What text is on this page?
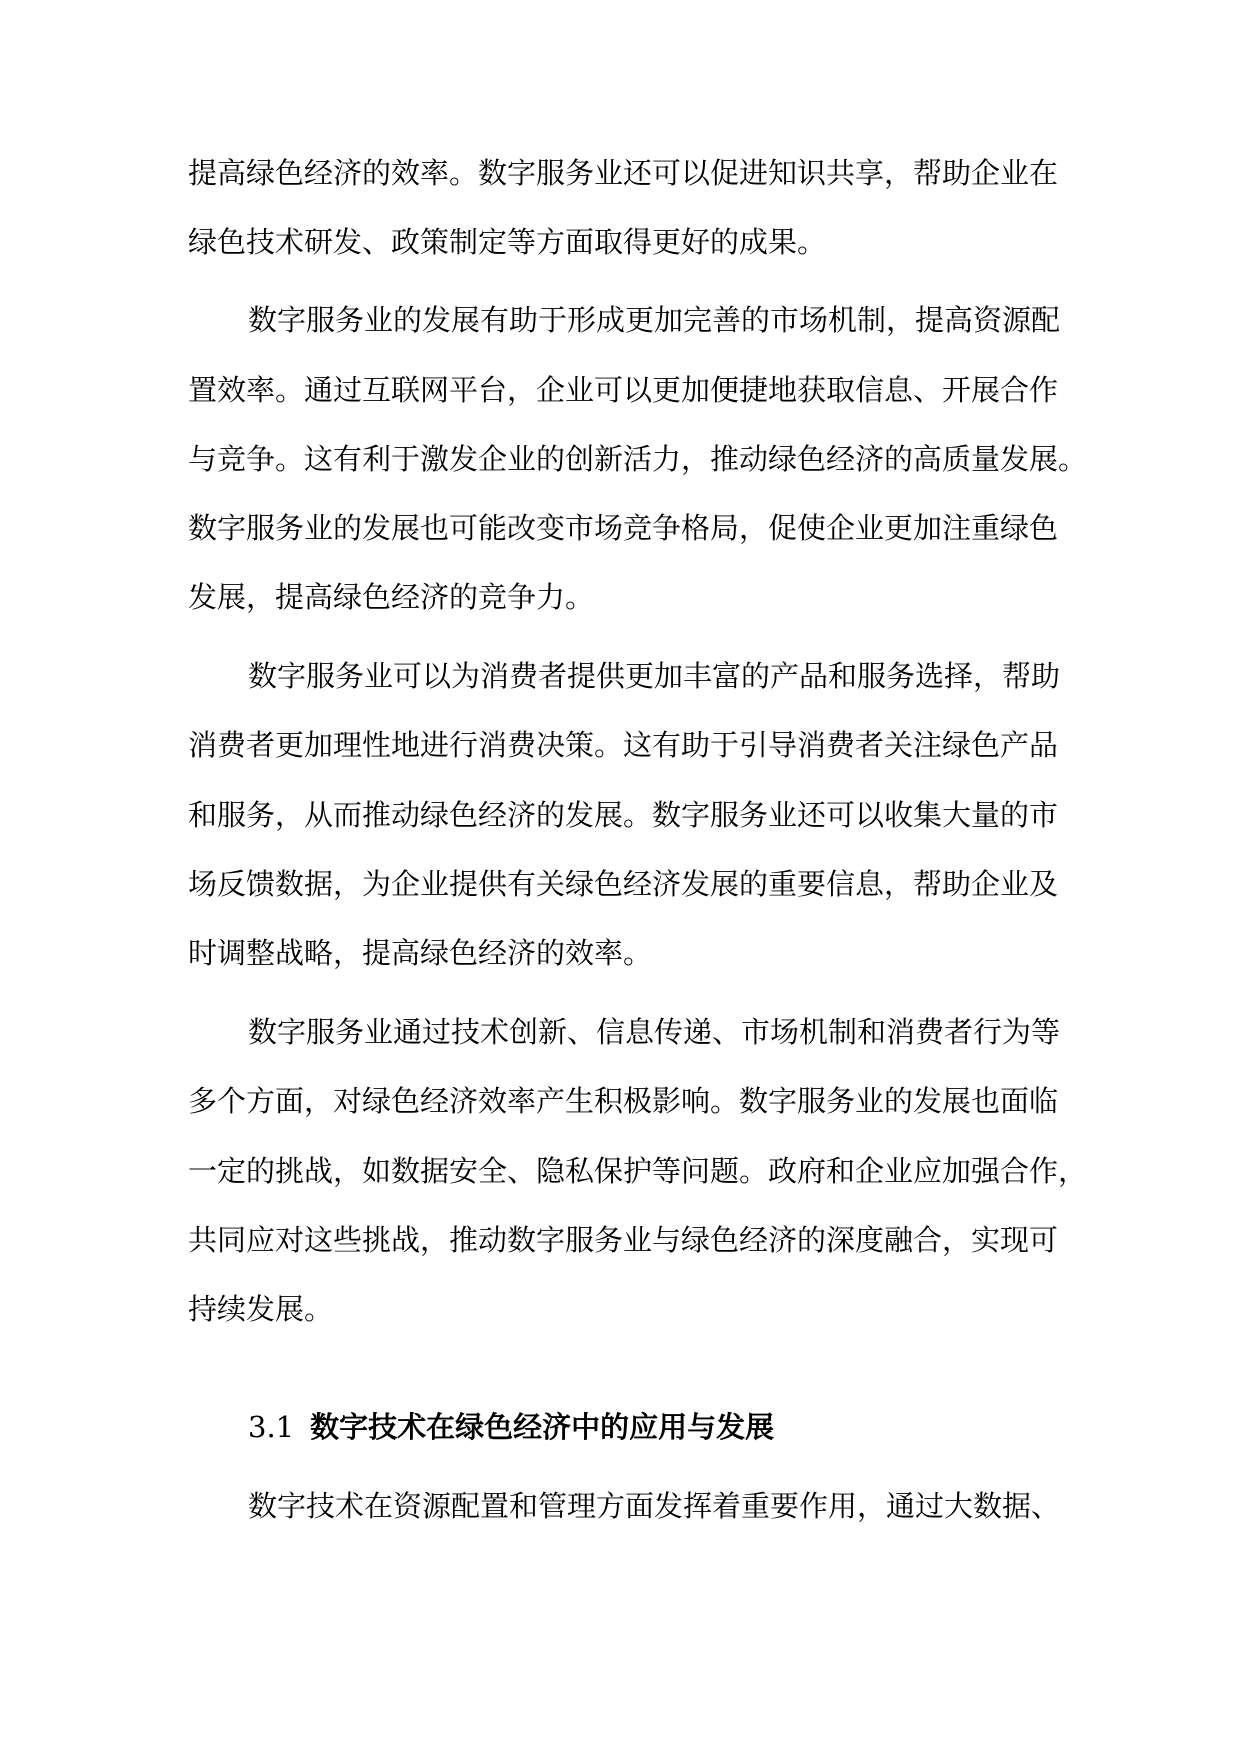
提高绿色经济的效率。数字服务业还可以促进知识共享，帮助企业在
绿色技术研发、政策制定等方面取得更好的成果。
数字服务业的发展有助于形成更加完善的市场机制，提高资源配
置效率。通过互联网平台，企业可以更加便捷地获取信息、开展合作
与竞争。这有利于激发企业的创新活力，推动绿色经济的高质量发展。
数字服务业的发展也可能改变市场竞争格局，促使企业更加注重绿色
发展，提高绿色经济的竞争力。
数字服务业可以为消费者提供更加丰富的产品和服务选择，帮助
消费者更加理性地进行消费决策。这有助于引导消费者关注绿色产品
和服务，从而推动绿色经济的发展。数字服务业还可以收集大量的市
场反馈数据，为企业提供有关绿色经济发展的重要信息，帮助企业及
时调整战略，提高绿色经济的效率。
数字服务业通过技术创新、信息传递、市场机制和消费者行为等
多个方面，对绿色经济效率产生积极影响。数字服务业的发展也面临
一定的挑战，如数据安全、隐私保护等问题。政府和企业应加强合作，
共同应对这些挑战，推动数字服务业与绿色经济的深度融合，实现可
持续发展。
3.1 数字技术在绿色经济中的应用与发展
数字技术在资源配置和管理方面发挥着重要作用，通过大数据、
